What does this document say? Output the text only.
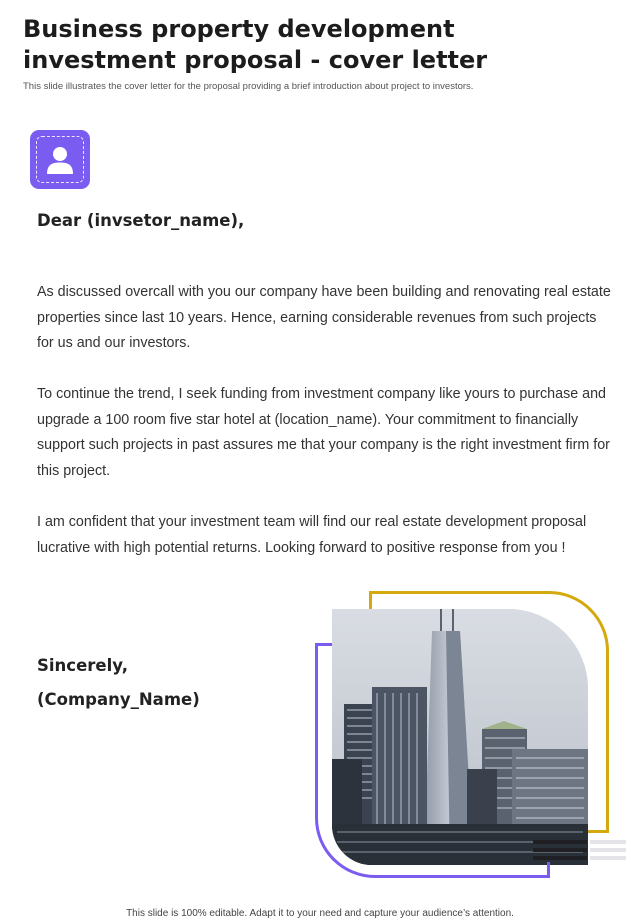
Business property development investment proposal - cover letter

This slide illustrates the cover letter for the proposal providing a brief introduction about project to investors.

Dear (invsetor_name),

As discussed overcall with you our company have been building and renovating real estate properties since last 10 years. Hence, earning considerable revenues from such projects for us and our investors.

To continue the trend, I seek funding from investment company like yours to purchase and upgrade a 100 room five star hotel at (location_name). Your commitment to financially support such projects in past assures me that your company is the right investment firm for this project.

I am confident that your investment team will find our real estate development proposal lucrative with high potential returns. Looking forward to positive response from you !

Sincerely,

(Company_Name)

This slide is 100% editable. Adapt it to your need and capture your audience’s attention.
